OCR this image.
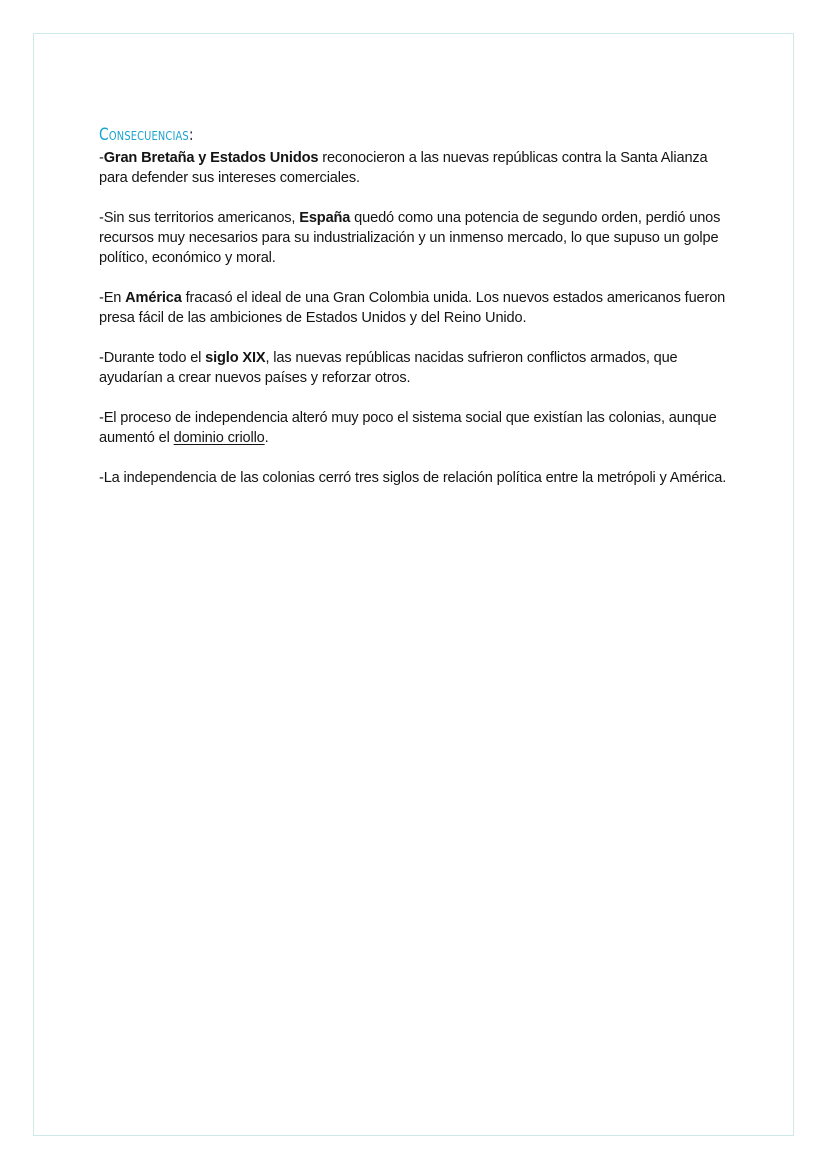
Consecuencias:

-Gran Bretaña y Estados Unidos reconocieron a las nuevas repúblicas contra la Santa Alianza para defender sus intereses comerciales.

-Sin sus territorios americanos, España quedó como una potencia de segundo orden, perdió unos recursos muy necesarios para su industrialización y un inmenso mercado, lo que supuso un golpe político, económico y moral.

-En América fracasó el ideal de una Gran Colombia unida. Los nuevos estados americanos fueron presa fácil de las ambiciones de Estados Unidos y del Reino Unido.

-Durante todo el siglo XIX, las nuevas repúblicas nacidas sufrieron conflictos armados, que ayudarían a crear nuevos países y reforzar otros.

-El proceso de independencia alteró muy poco el sistema social que existían las colonias, aunque aumentó el dominio criollo.

-La independencia de las colonias cerró tres siglos de relación política entre la metrópoli y América.
